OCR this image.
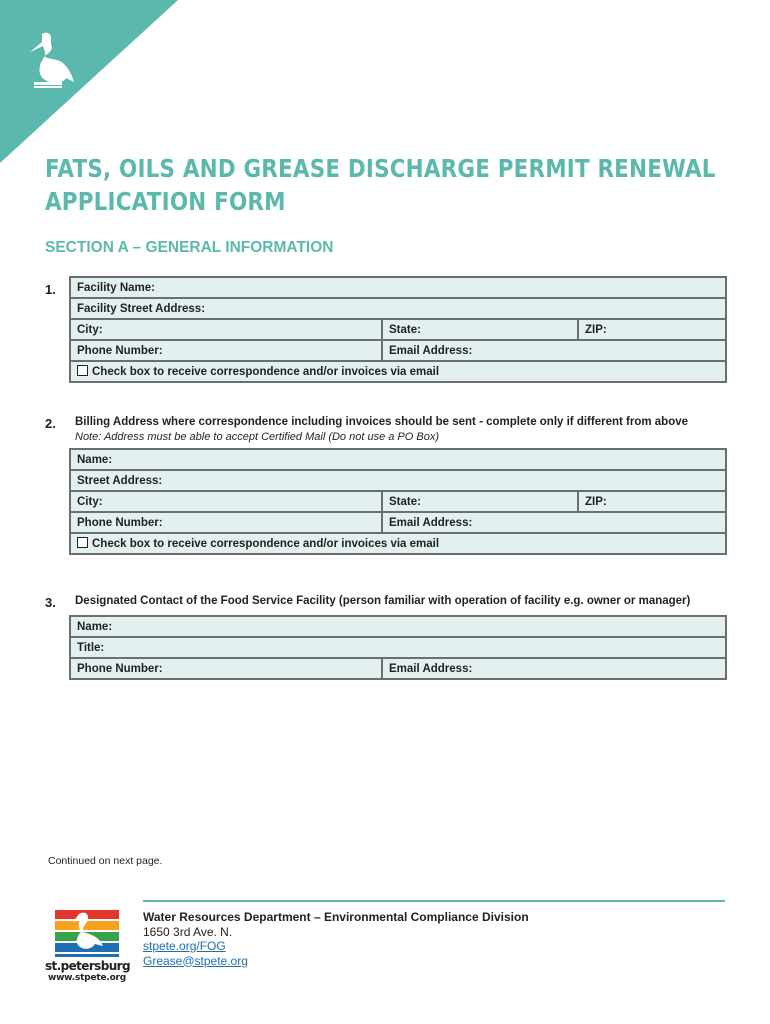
FATS, OILS AND GREASE DISCHARGE PERMIT RENEWAL
APPLICATION FORM
SECTION A – GENERAL INFORMATION
1. Facility Name:		
Facility Street Address:		
City:	State:	ZIP:
Phone Number:	Email Address:	
Check box to receive correspondence and/or invoices via email		
2. Billing Address where correspondence including invoices should be sent - complete only if different from above
Note: Address must be able to accept Certified Mail (Do not use a PO Box)
Name:		
Street Address:		
City:	State:	ZIP:
Phone Number:	Email Address:	
Check box to receive correspondence and/or invoices via email		
3. Designated Contact of the Food Service Facility (person familiar with operation of facility e.g. owner or manager)
Name:
Title:
Phone Number:	Email Address:
Continued on next page.
st.petersburg
www.stpete.org
Water Resources Department – Environmental Compliance Division
1650 3rd Ave. N.
stpete.org/FOG
Grease@stpete.org
